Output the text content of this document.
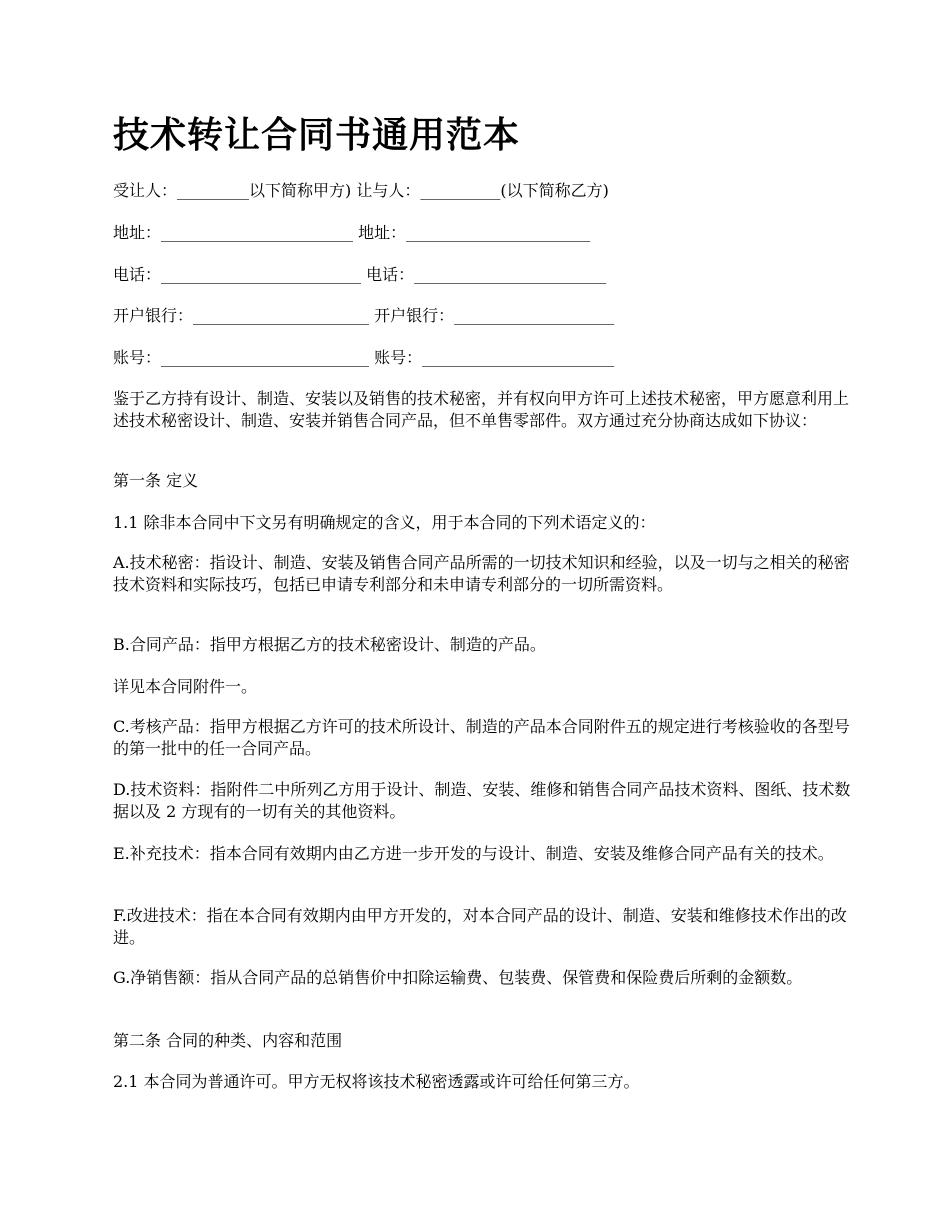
技术转让合同书通用范本

受让人：_________以下简称甲方) 让与人：__________(以下简称乙方)

地址：________________________ 地址：_______________________

电话：_________________________ 电话：________________________

开户银行：______________________ 开户银行：____________________

账号：__________________________ 账号：________________________

鉴于乙方持有设计、制造、安装以及销售的技术秘密，并有权向甲方许可上述技术秘密，甲方愿意利用上述技术秘密设计、制造、安装并销售合同产品，但不单售零部件。双方通过充分协商达成如下协议：

第一条 定义

1.1 除非本合同中下文另有明确规定的含义，用于本合同的下列术语定义的：

A.技术秘密：指设计、制造、安装及销售合同产品所需的一切技术知识和经验，以及一切与之相关的秘密技术资料和实际技巧，包括已申请专利部分和未申请专利部分的一切所需资料。

B.合同产品：指甲方根据乙方的技术秘密设计、制造的产品。

详见本合同附件一。

C.考核产品：指甲方根据乙方许可的技术所设计、制造的产品本合同附件五的规定进行考核验收的各型号的第一批中的任一合同产品。

D.技术资料：指附件二中所列乙方用于设计、制造、安装、维修和销售合同产品技术资料、图纸、技术数据以及 2 方现有的一切有关的其他资料。

E.补充技术：指本合同有效期内由乙方进一步开发的与设计、制造、安装及维修合同产品有关的技术。

F.改进技术：指在本合同有效期内由甲方开发的，对本合同产品的设计、制造、安装和维修技术作出的改进。

G.净销售额：指从合同产品的总销售价中扣除运输费、包装费、保管费和保险费后所剩的金额数。

第二条 合同的种类、内容和范围

2.1 本合同为普通许可。甲方无权将该技术秘密透露或许可给任何第三方。
